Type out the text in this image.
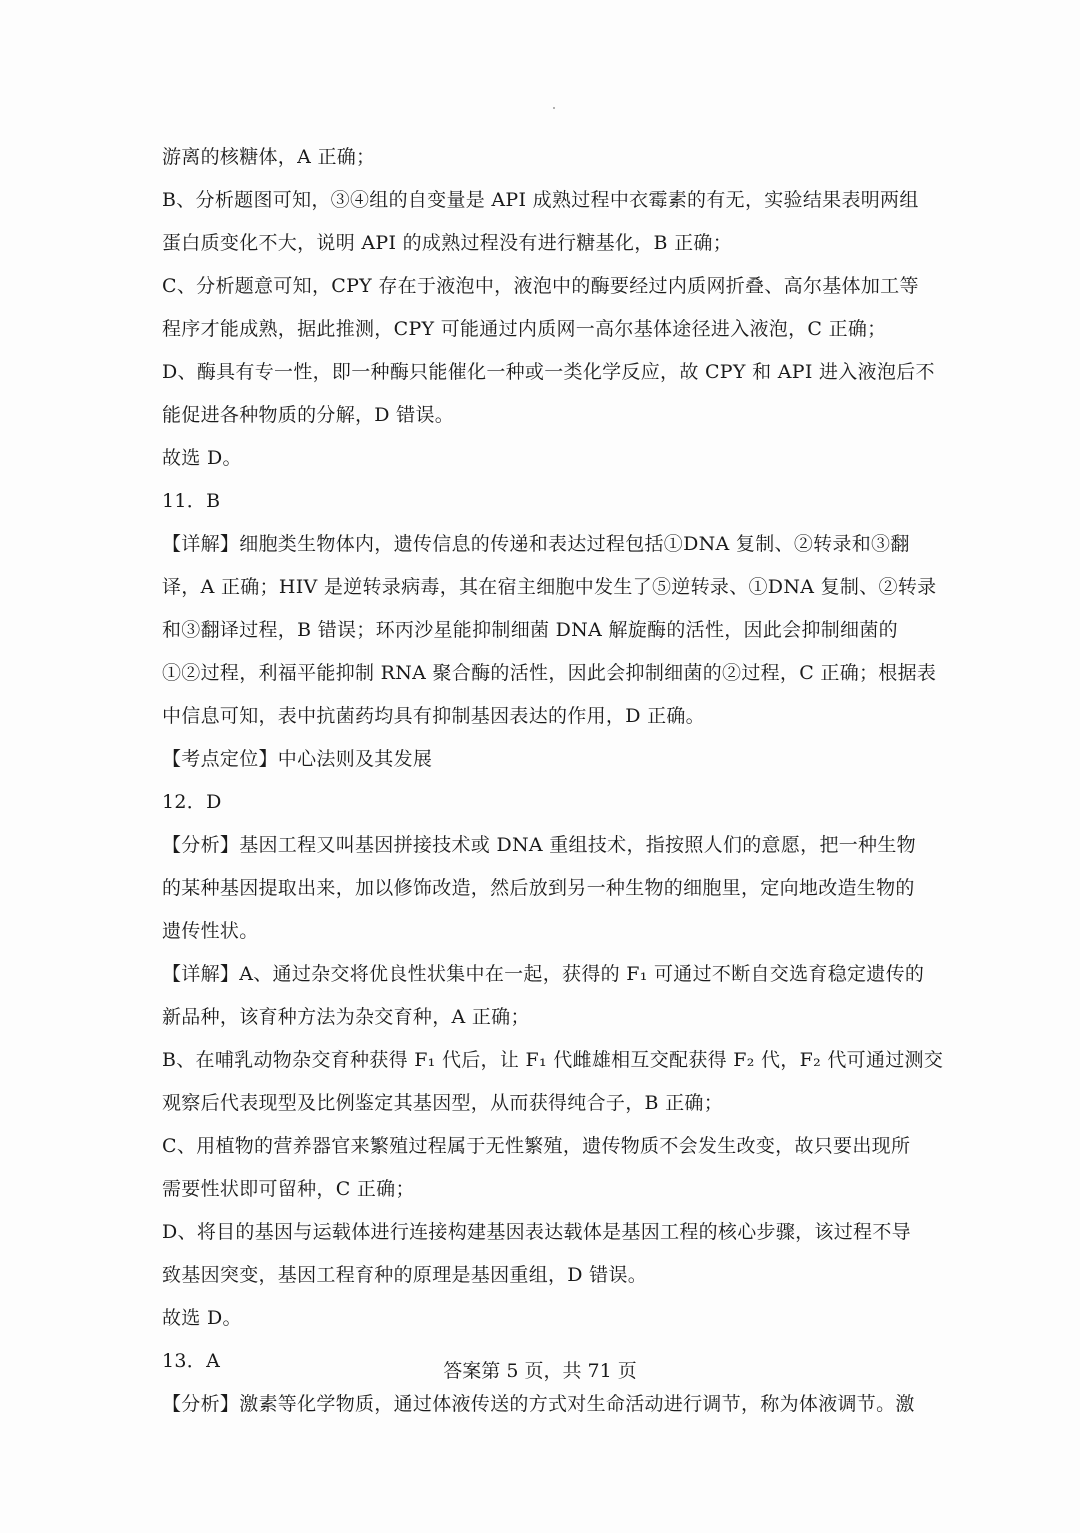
游离的核糖体，A 正确；
B、分析题图可知，③④组的自变量是 API 成熟过程中衣霉素的有无，实验结果表明两组
蛋白质变化不大，说明 API 的成熟过程没有进行糖基化，B 正确；
C、分析题意可知，CPY 存在于液泡中，液泡中的酶要经过内质网折叠、高尔基体加工等
程序才能成熟，据此推测，CPY 可能通过内质网一高尔基体途径进入液泡，C 正确；
D、酶具有专一性，即一种酶只能催化一种或一类化学反应，故 CPY 和 API 进入液泡后不
能促进各种物质的分解，D 错误。
故选 D。
11．B
【详解】细胞类生物体内，遗传信息的传递和表达过程包括①DNA 复制、②转录和③翻
译，A 正确；HIV 是逆转录病毒，其在宿主细胞中发生了⑤逆转录、①DNA 复制、②转录
和③翻译过程，B 错误；环丙沙星能抑制细菌 DNA 解旋酶的活性，因此会抑制细菌的
①②过程，利福平能抑制 RNA 聚合酶的活性，因此会抑制细菌的②过程，C 正确；根据表
中信息可知，表中抗菌药均具有抑制基因表达的作用，D 正确。
【考点定位】中心法则及其发展
12．D
【分析】基因工程又叫基因拼接技术或 DNA 重组技术，指按照人们的意愿，把一种生物
的某种基因提取出来，加以修饰改造，然后放到另一种生物的细胞里，定向地改造生物的
遗传性状。
【详解】A、通过杂交将优良性状集中在一起，获得的 F₁ 可通过不断自交选育稳定遗传的
新品种，该育种方法为杂交育种，A 正确；
B、在哺乳动物杂交育种获得 F₁ 代后，让 F₁ 代雌雄相互交配获得 F₂ 代，F₂ 代可通过测交
观察后代表现型及比例鉴定其基因型，从而获得纯合子，B 正确；
C、用植物的营养器官来繁殖过程属于无性繁殖，遗传物质不会发生改变，故只要出现所
需要性状即可留种，C 正确；
D、将目的基因与运载体进行连接构建基因表达载体是基因工程的核心步骤，该过程不导
致基因突变，基因工程育种的原理是基因重组，D 错误。
故选 D。
13．A
【分析】激素等化学物质，通过体液传送的方式对生命活动进行调节，称为体液调节。激
答案第 5 页，共 71 页
